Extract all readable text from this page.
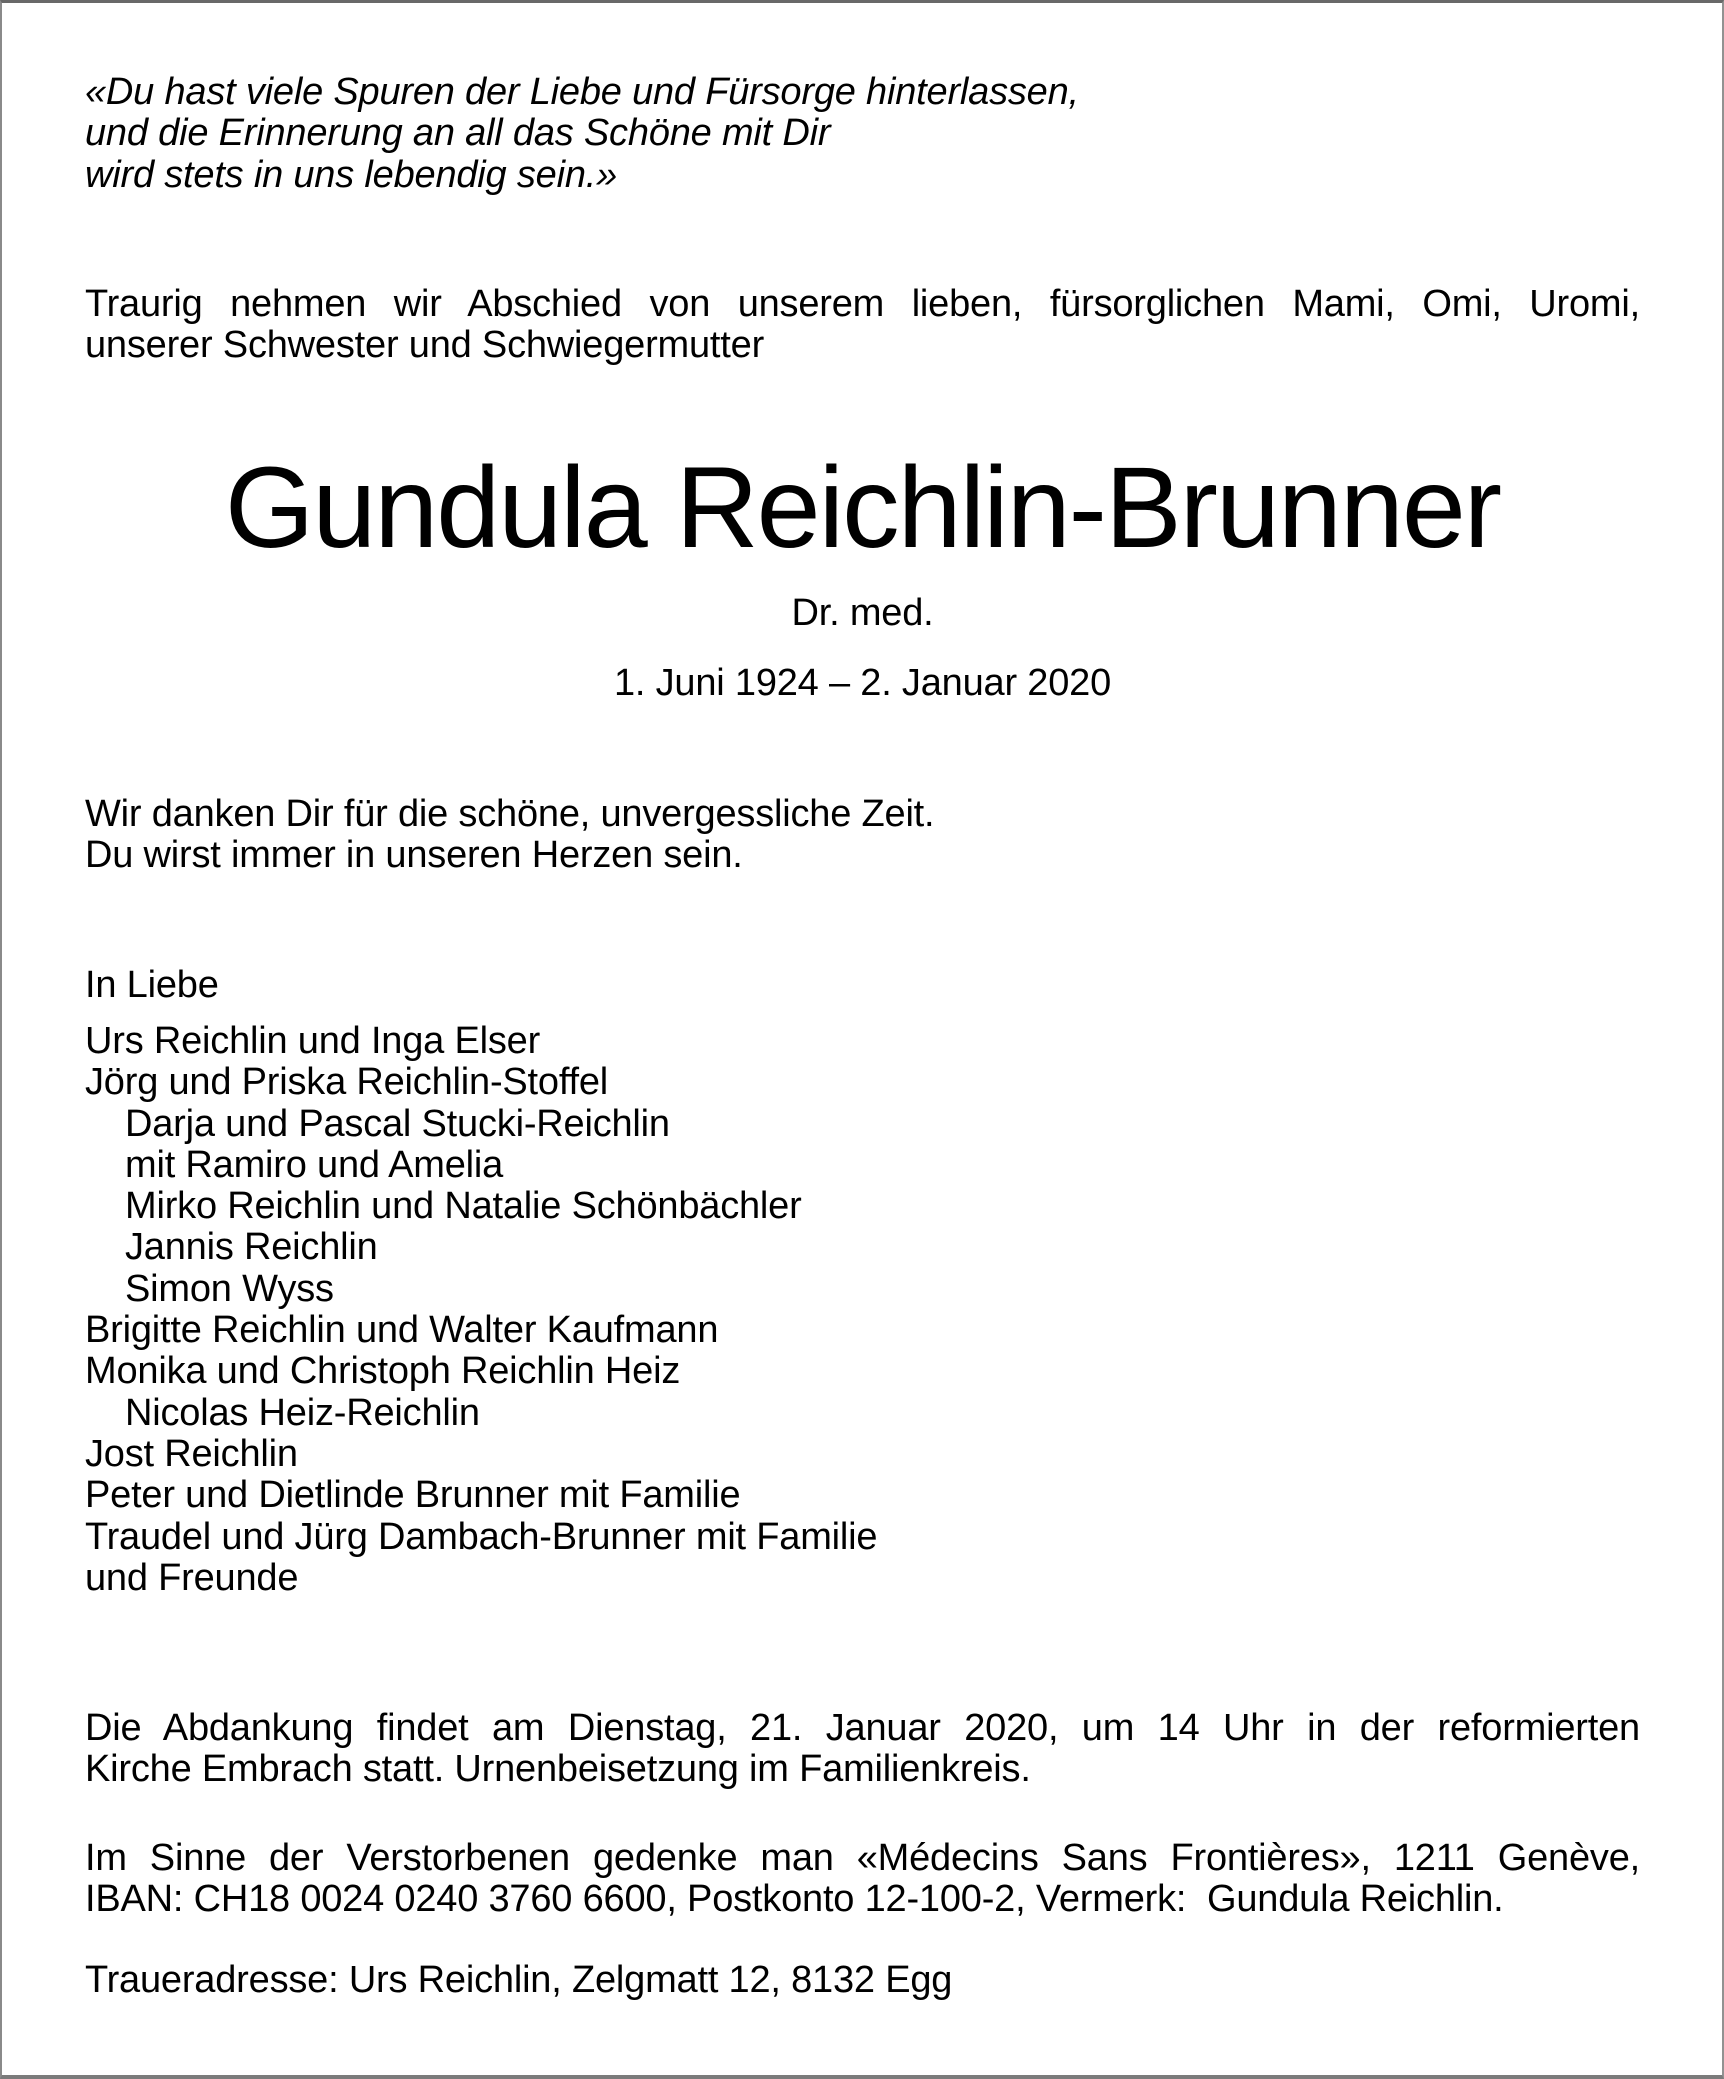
«Du hast viele Spuren der Liebe und Fürsorge hinterlassen,
und die Erinnerung an all das Schöne mit Dir
wird stets in uns lebendig sein.»
Traurig nehmen wir Abschied von unserem lieben, fürsorglichen Mami, Omi, Uromi,
unserer Schwester und Schwiegermutter
Gundula Reichlin-Brunner
Dr. med.
1. Juni 1924 – 2. Januar 2020
Wir danken Dir für die schöne, unvergessliche Zeit.
Du wirst immer in unseren Herzen sein.
In Liebe
Urs Reichlin und Inga Elser
Jörg und Priska Reichlin-Stoffel
Darja und Pascal Stucki-Reichlin
mit Ramiro und Amelia
Mirko Reichlin und Natalie Schönbächler
Jannis Reichlin
Simon Wyss
Brigitte Reichlin und Walter Kaufmann
Monika und Christoph Reichlin Heiz
Nicolas Heiz-Reichlin
Jost Reichlin
Peter und Dietlinde Brunner mit Familie
Traudel und Jürg Dambach-Brunner mit Familie
und Freunde
Die Abdankung findet am Dienstag, 21. Januar 2020, um 14 Uhr in der reformierten
Kirche Embrach statt. Urnenbeisetzung im Familienkreis.
Im Sinne der Verstorbenen gedenke man «Médecins Sans Frontières», 1211 Genève,
IBAN: CH18 0024 0240 3760 6600, Postkonto 12-100-2, Vermerk:  Gundula Reichlin.
Traueradresse: Urs Reichlin, Zelgmatt 12, 8132 Egg
